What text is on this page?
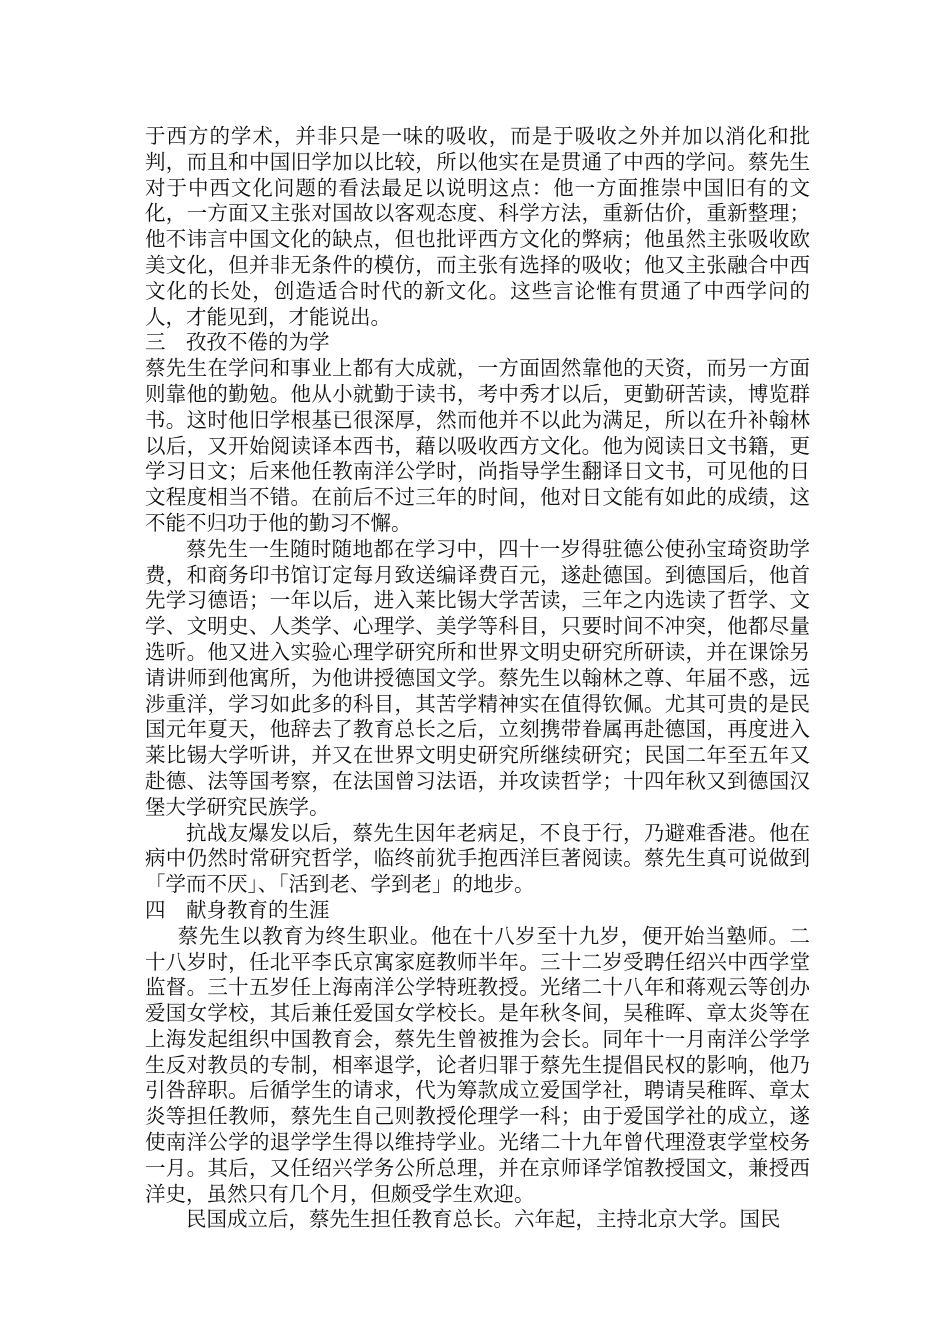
于西方的学术，并非只是一味的吸收，而是于吸收之外并加以消化和批判，而且和中国旧学加以比较，所以他实在是贯通了中西的学问。蔡先生对于中西文化问题的看法最足以说明这点：他一方面推崇中国旧有的文化，一方面又主张对国故以客观态度、科学方法，重新估价，重新整理；他不讳言中国文化的缺点，但也批评西方文化的弊病；他虽然主张吸收欧美文化，但并非无条件的模仿，而主张有选择的吸收；他又主张融合中西文化的长处，创造适合时代的新文化。这些言论惟有贯通了中西学问的人，才能见到，才能说出。

三　孜孜不倦的为学

蔡先生在学问和事业上都有大成就，一方面固然靠他的天资，而另一方面则靠他的勤勉。他从小就勤于读书，考中秀才以后，更勤研苦读，博览群书。这时他旧学根基已很深厚，然而他并不以此为满足，所以在升补翰林以后，又开始阅读译本西书，藉以吸收西方文化。他为阅读日文书籍，更学习日文；后来他任教南洋公学时，尚指导学生翻译日文书，可见他的日文程度相当不错。在前后不过三年的时间，他对日文能有如此的成绩，这不能不归功于他的勤习不懈。

蔡先生一生随时随地都在学习中，四十一岁得驻德公使孙宝琦资助学费，和商务印书馆订定每月致送编译费百元，遂赴德国。到德国后，他首先学习德语；一年以后，进入莱比锡大学苦读，三年之内选读了哲学、文学、文明史、人类学、心理学、美学等科目，只要时间不冲突，他都尽量选听。他又进入实验心理学研究所和世界文明史研究所研读，并在课馀另请讲师到他寓所，为他讲授德国文学。蔡先生以翰林之尊、年届不惑，远涉重洋，学习如此多的科目，其苦学精神实在值得钦佩。尤其可贵的是民国元年夏天，他辞去了教育总长之后，立刻携带眷属再赴德国，再度进入莱比锡大学听讲，并又在世界文明史研究所继续研究；民国二年至五年又赴德、法等国考察，在法国曾习法语，并攻读哲学；十四年秋又到德国汉堡大学研究民族学。

抗战友爆发以后，蔡先生因年老病足，不良于行，乃避难香港。他在病中仍然时常研究哲学，临终前犹手抱西洋巨著阅读。蔡先生真可说做到「学而不厌」、「活到老、学到老」的地步。

四　献身教育的生涯

蔡先生以教育为终生职业。他在十八岁至十九岁，便开始当塾师。二十八岁时，任北平李氏京寓家庭教师半年。三十二岁受聘任绍兴中西学堂监督。三十五岁任上海南洋公学特班教授。光绪二十八年和蒋观云等创办爱国女学校，其后兼任爱国女学校长。是年秋冬间，吴稚晖、章太炎等在上海发起组织中国教育会，蔡先生曾被推为会长。同年十一月南洋公学学生反对教员的专制，相率退学，论者归罪于蔡先生提倡民权的影响，他乃引咎辞职。后循学生的请求，代为筹款成立爱国学社，聘请吴稚晖、章太炎等担任教师，蔡先生自己则教授伦理学一科；由于爱国学社的成立，遂使南洋公学的退学学生得以维持学业。光绪二十九年曾代理澄衷学堂校务一月。其后，又任绍兴学务公所总理，并在京师译学馆教授国文，兼授西洋史，虽然只有几个月，但颇受学生欢迎。

民国成立后，蔡先生担任教育总长。六年起，主持北京大学。国民
